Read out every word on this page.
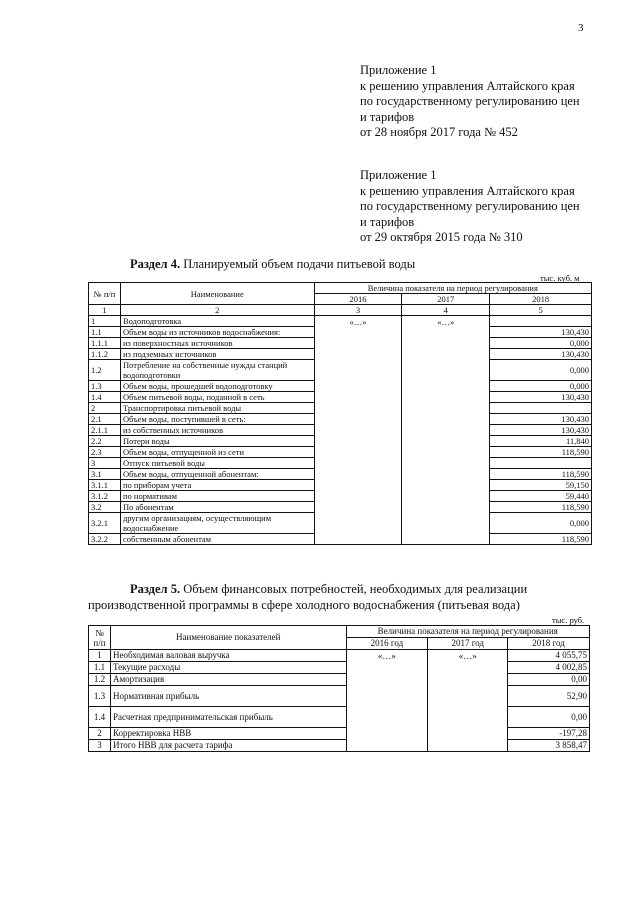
3
Приложение 1
к решению управления Алтайского края
по государственному регулированию цен
и тарифов
от 28 ноября 2017 года № 452
Приложение 1
к решению управления Алтайского края
по государственному регулированию цен
и тарифов
от 29 октября 2015 года № 310
Раздел 4. Планируемый объем подачи питьевой воды
тыс. куб. м
№ п/п	Наименование	Величина показателя на период регулирования		
		2016	2017	2018
1	2	3	4	5
1	Водоподготовка	«…»	«…»	
1.1	Объем воды из источников водоснабжения:			130,430
1.1.1	из поверхностных источников			0,000
1.1.2	из подземных источников			130,430
1.2	Потребление на собственные нужды станций водоподготовки			0,000
1.3	Объем воды, прошедшей водоподготовку			0,000
1.4	Объем питьевой воды, поданной в сеть			130,430
2	Транспортировка питьевой воды			
2.1	Объем воды, поступившей в сеть:			130,430
2.1.1	из собственных источников			130,430
2.2	Потери воды			11,840
2.3	Объем воды, отпущенной из сети			118,590
3	Отпуск питьевой воды			
3.1	Объем воды, отпущенной абонентам:			118,590
3.1.1	по приборам учета			59,150
3.1.2	по нормативам			59,440
3.2	По абонентам			118,590
3.2.1	другим организациям, осуществляющим водоснабжение			0,000
3.2.2	собственным абонентам			118,590
Раздел 5. Объем финансовых потребностей, необходимых для реализации производственной программы в сфере холодного водоснабжения (питьевая вода)
тыс. руб.
№ п/п	Наименование показателей	Величина показателя на период регулирования		
		2016 год	2017 год	2018 год
1	Необходимая валовая выручка	«…»	«…»	4 055,75
1.1	Текущие расходы			4 002,85
1.2	Амортизация			0,00
1.3	Нормативная прибыль			52,90
1.4	Расчетная предпринимательская прибыль			0,00
2	Корректировка НВВ			-197,28
3	Итого НВВ для расчета тарифа			3 858,47
